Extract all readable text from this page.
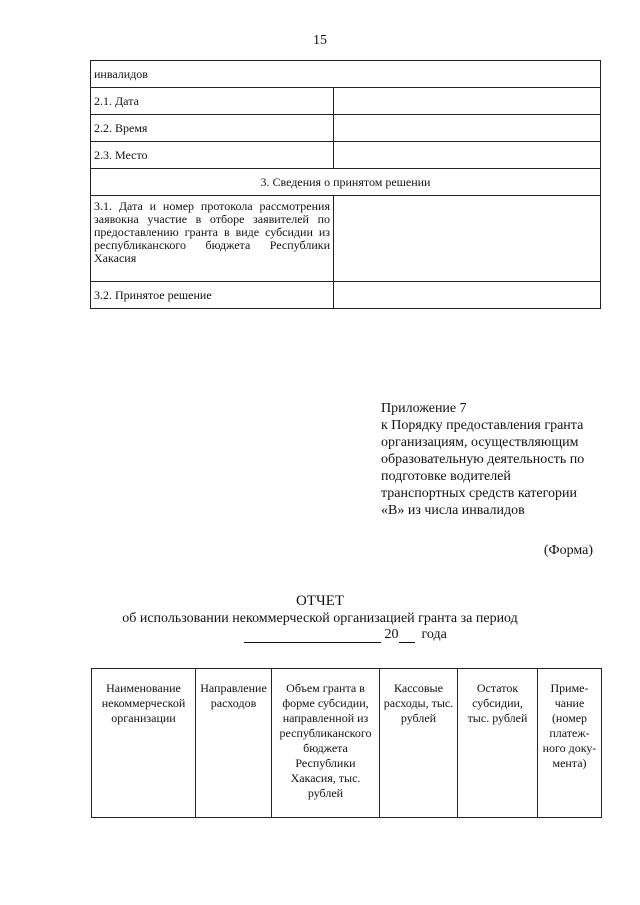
15
инвалидов	
2.1. Дата	
2.2. Время	
2.3. Место	
3. Сведения о принятом решении	
3.1. Дата и номер протокола рассмотрения заявокна участие в отборе заявителей по предоставлению гранта в виде субсидии из республиканского бюджета Республики Хакасия	
3.2. Принятое решение	
Приложение 7
к Порядку предоставления гранта
организациям, осуществляющим
образовательную деятельность по
подготовке водителей
транспортных средств категории
«В» из числа инвалидов
(Форма)
ОТЧЕТ
об использовании некоммерческой организацией гранта за период
20  года
Наименование некоммерческой организации	Направление расходов	Объем гранта в форме субсидии, направленной из республиканского бюджета Республики Хакасия, тыс. рублей	Кассовые расходы, тыс. рублей	Остаток субсидии, тыс. рублей	Приме-чание (номер платеж-ного доку-мента)
